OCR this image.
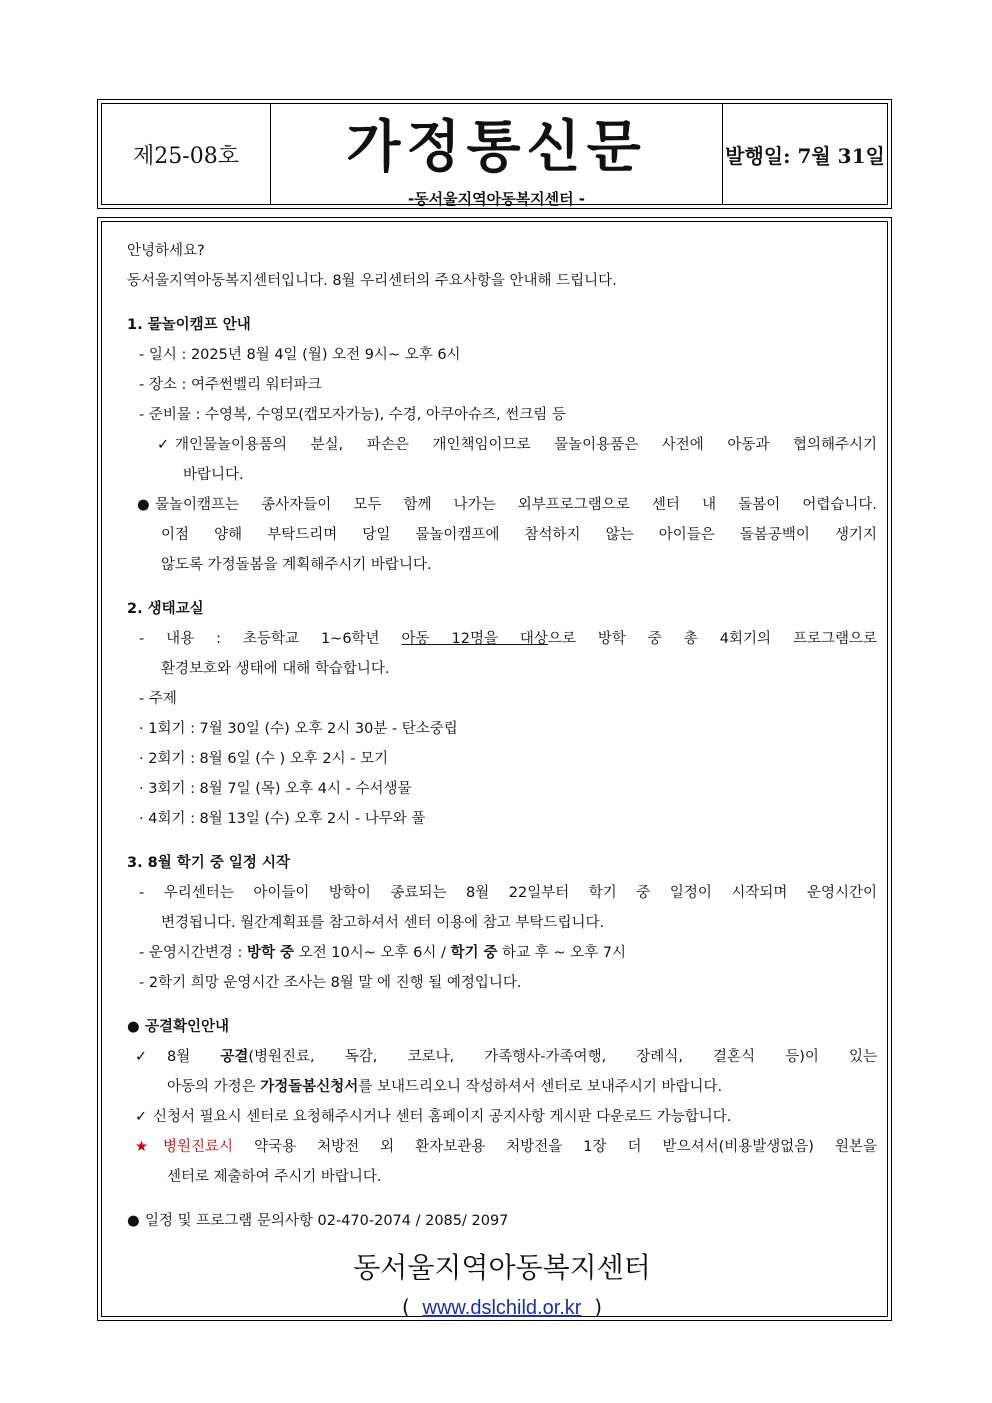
제25-08호	가정통신문
-동서울지역아동복지센터 -
발행일: 7월 31일
안녕하세요?
동서울지역아동복지센터입니다. 8월 우리센터의 주요사항을 안내해 드립니다.
1. 물놀이캠프 안내
- 일시 : 2025년 8월 4일 (월) 오전 9시~ 오후 6시
- 장소 : 여주썬벨리 워터파크
- 준비물 : 수영복, 수영모(캡모자가능), 수경, 아쿠아슈즈, 썬크림 등
✓ 개인물놀이용품의 분실, 파손은 개인책임이므로 물놀이용품은 사전에 아동과 협의해주시기
바랍니다.
● 물놀이캠프는 종사자들이 모두 함께 나가는 외부프로그램으로 센터 내 돌봄이 어렵습니다.
이점 양해 부탁드리며 당일 물놀이캠프에 참석하지 않는 아이들은 돌봄공백이 생기지
않도록 가정돌봄을 계획해주시기 바랍니다.
2. 생태교실
- 내용 : 초등학교 1~6학년 아동 12명을 대상으로 방학 중 총 4회기의 프로그램으로
환경보호와 생태에 대해 학습합니다.
- 주제
· 1회기 : 7월 30일 (수) 오후 2시 30분 - 탄소중립
· 2회기 : 8월 6일 (수 ) 오후 2시 - 모기
· 3회기 : 8월 7일 (목) 오후 4시 - 수서생물
· 4회기 : 8월 13일 (수) 오후 2시 - 나무와 풀
3. 8월 학기 중 일정 시작
- 우리센터는 아이들이 방학이 종료되는 8월 22일부터 학기 중 일정이 시작되며 운영시간이
변경됩니다. 월간계획표를 참고하셔서 센터 이용에 참고 부탁드립니다.
- 운영시간변경 : 방학 중 오전 10시~ 오후 6시 / 학기 중 하교 후 ~ 오후 7시
- 2학기 희망 운영시간 조사는 8월 말 에 진행 될 예정입니다.
● 공결확인안내
✓ 8월 공결(병원진료, 독감, 코로나, 가족행사-가족여행, 장례식, 결혼식 등)이 있는
아동의 가정은 가정돌봄신청서를 보내드리오니 작성하셔서 센터로 보내주시기 바랍니다.
✓ 신청서 필요시 센터로 요청해주시거나 센터 홈페이지 공지사항 게시판 다운로드 가능합니다.
★ 병원진료시 약국용 처방전 외 환자보관용 처방전을 1장 더 받으셔서(비용발생없음) 원본을
센터로 제출하여 주시기 바랍니다.
● 일정 및 프로그램 문의사항 02-470-2074 / 2085/ 2097
동서울지역아동복지센터
( www.dslchild.or.kr )
